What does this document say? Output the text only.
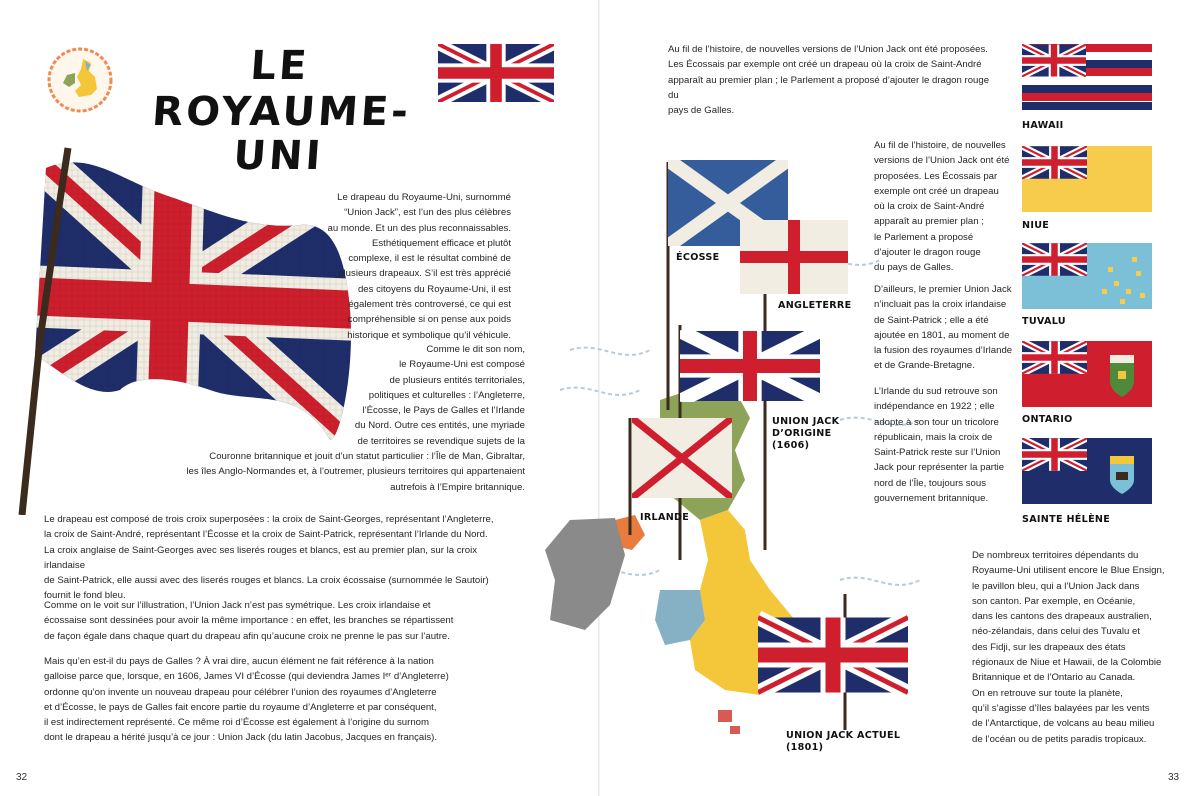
LE
ROYAUME-UNI
Le drapeau du Royaume-Uni, surnommé
“Union Jack”, est l’un des plus célèbres
au monde. Et un des plus reconnaissables.
Esthétiquement efficace et plutôt
complexe, il est le résultat combiné de
plusieurs drapeaux. S’il est très apprécié
des citoyens du Royaume-Uni, il est
également très controversé, ce qui est
compréhensible si on pense aux poids
historique et symbolique qu’il véhicule.
Comme le dit son nom,
le Royaume-Uni est composé
de plusieurs entités territoriales,
politiques et culturelles : l’Angleterre,
l’Écosse, le Pays de Galles et l’Irlande
du Nord. Outre ces entités, une myriade
de territoires se revendique sujets de la
Couronne britannique et jouit d’un statut particulier : l’Île de Man, Gibraltar,
les îles Anglo-Normandes et, à l’outremer, plusieurs territoires qui appartenaient
autrefois à l’Empire britannique.
Le drapeau est composé de trois croix superposées : la croix de Saint-Georges, représentant l’Angleterre,
la croix de Saint-André, représentant l’Écosse et la croix de Saint-Patrick, représentant l’Irlande du Nord.
La croix anglaise de Saint-Georges avec ses liserés rouges et blancs, est au premier plan, sur la croix irlandaise
de Saint-Patrick, elle aussi avec des liserés rouges et blancs. La croix écossaise (surnommée le Sautoir)
fournit le fond bleu.
Comme on le voit sur l’illustration, l’Union Jack n’est pas symétrique. Les croix irlandaise et
écossaise sont dessinées pour avoir la même importance : en effet, les branches se répartissent
de façon égale dans chaque quart du drapeau afin qu’aucune croix ne prenne le pas sur l’autre.
Mais qu’en est-il du pays de Galles ? À vrai dire, aucun élément ne fait référence à la nation
galloise parce que, lorsque, en 1606, James VI d’Écosse (qui deviendra James Iᵉʳ d’Angleterre)
ordonne qu’on invente un nouveau drapeau pour célébrer l’union des royaumes d’Angleterre
et d’Écosse, le pays de Galles fait encore partie du royaume d’Angleterre et par conséquent,
il est indirectement représenté. Ce même roi d’Écosse est également à l’origine du surnom
dont le drapeau a hérité jusqu’à ce jour : Union Jack (du latin Jacobus, Jacques en français).
32
Au fil de l’histoire, de nouvelles versions de l’Union Jack ont été proposées.
Les Écossais par exemple ont créé un drapeau où la croix de Saint-André
apparaît au premier plan ; le Parlement a proposé d’ajouter le dragon rouge du
pays de Galles.
ÉCOSSE
ANGLETERRE
UNION JACK
D’ORIGINE
(1606)
IRLANDE
UNION JACK ACTUEL
(1801)
Au fil de l’histoire, de nouvelles
versions de l’Union Jack ont été
proposées. Les Écossais par
exemple ont créé un drapeau
où la croix de Saint-André
apparaît au premier plan ;
le Parlement a proposé
d’ajouter le dragon rouge
du pays de Galles.
D’ailleurs, le premier Union Jack
n’incluait pas la croix irlandaise
de Saint-Patrick ; elle a été
ajoutée en 1801, au moment de
la fusion des royaumes d’Irlande
et de Grande-Bretagne.
L’Irlande du sud retrouve son
indépendance en 1922 ; elle
adopte à son tour un tricolore
républicain, mais la croix de
Saint-Patrick reste sur l’Union
Jack pour représenter la partie
nord de l’Île, toujours sous
gouvernement britannique.
De nombreux territoires dépendants du
Royaume-Uni utilisent encore le Blue Ensign,
le pavillon bleu, qui a l’Union Jack dans
son canton. Par exemple, en Océanie,
dans les cantons des drapeaux australien,
néo-zélandais, dans celui des Tuvalu et
des Fidji, sur les drapeaux des états
régionaux de Niue et Hawaii, de la Colombie
Britannique et de l’Ontario au Canada.
On en retrouve sur toute la planète,
qu’il s’agisse d’îles balayées par les vents
de l’Antarctique, de volcans au beau milieu
de l’océan ou de petits paradis tropicaux.
HAWAII
NIUE
TUVALU
ONTARIO
SAINTE HÉLÈNE
33
